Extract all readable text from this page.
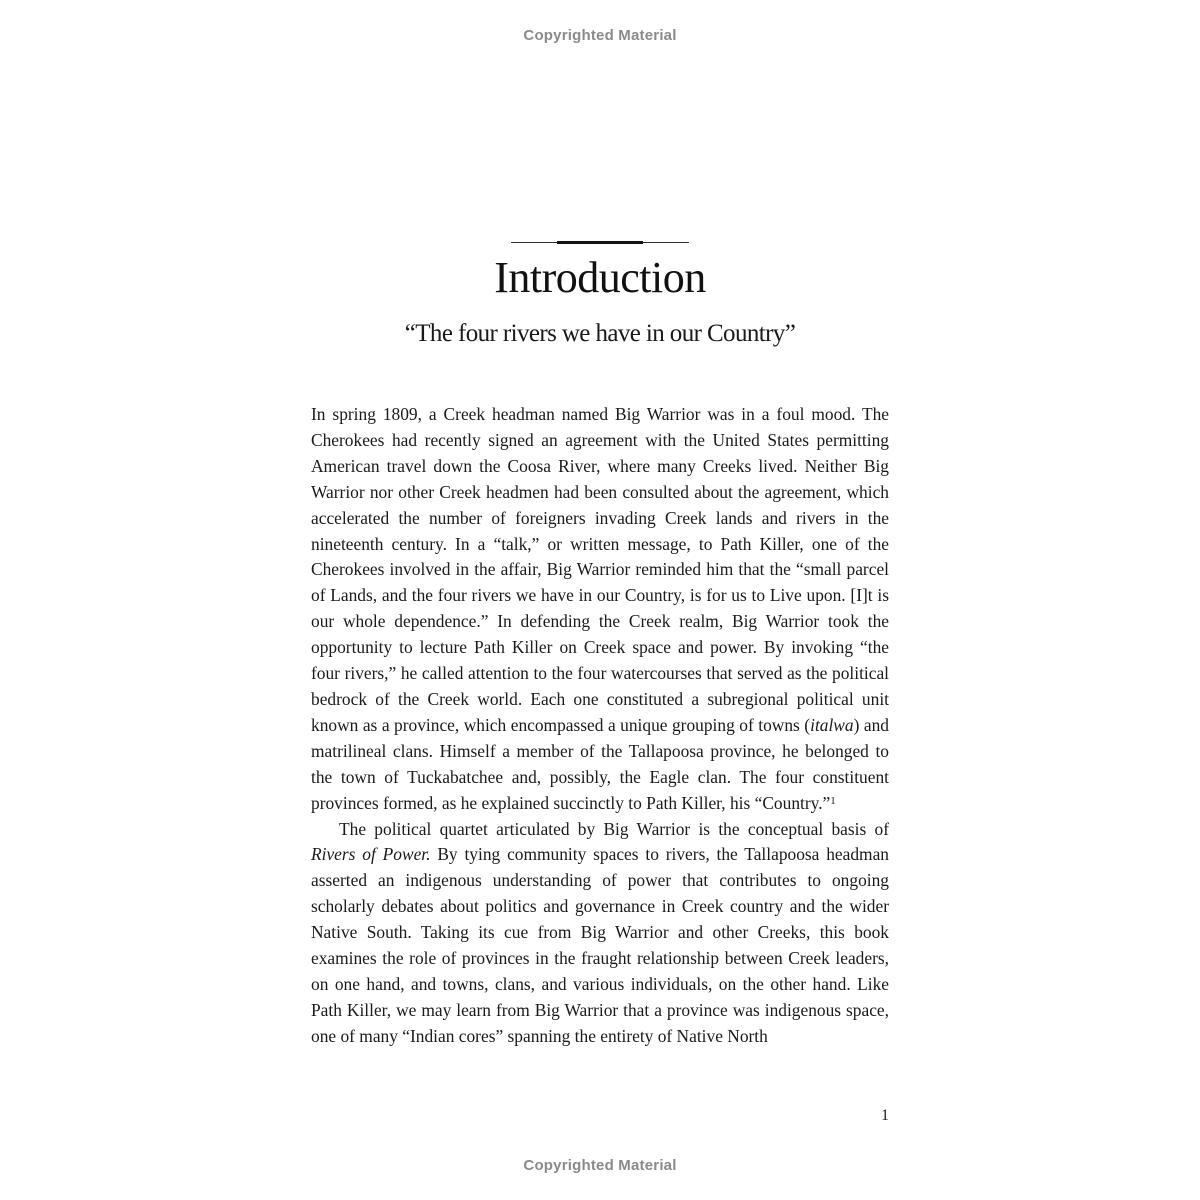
Copyrighted Material
Introduction
“The four rivers we have in our Country”

In spring 1809, a Creek headman named Big Warrior was in a foul mood. The Cherokees had recently signed an agreement with the United States permitting American travel down the Coosa River, where many Creeks lived. Neither Big Warrior nor other Creek headmen had been consulted about the agreement, which accelerated the number of foreigners invading Creek lands and rivers in the nineteenth century. In a “talk,” or written message, to Path Killer, one of the Cherokees involved in the affair, Big Warrior reminded him that the “small parcel of Lands, and the four rivers we have in our Country, is for us to Live upon. [I]t is our whole dependence.” In defending the Creek realm, Big Warrior took the opportunity to lecture Path Killer on Creek space and power. By invoking “the four rivers,” he called attention to the four watercourses that served as the political bedrock of the Creek world. Each one constituted a subregional political unit known as a province, which encompassed a unique grouping of towns (italwa) and matrilineal clans. Himself a member of the Tallapoosa province, he belonged to the town of Tuckabatchee and, possibly, the Eagle clan. The four constituent provinces formed, as he explained succinctly to Path Killer, his “Country.”$^1$

The political quartet articulated by Big Warrior is the conceptual basis of Rivers of Power. By tying community spaces to rivers, the Tallapoosa headman asserted an indigenous understanding of power that contributes to ongoing scholarly debates about politics and governance in Creek country and the wider Native South. Taking its cue from Big Warrior and other Creeks, this book examines the role of provinces in the fraught relationship between Creek leaders, on one hand, and towns, clans, and various individuals, on the other hand. Like Path Killer, we may learn from Big Warrior that a province was indigenous space, one of many “Indian cores” spanning the entirety of Native North

1
Copyrighted Material
